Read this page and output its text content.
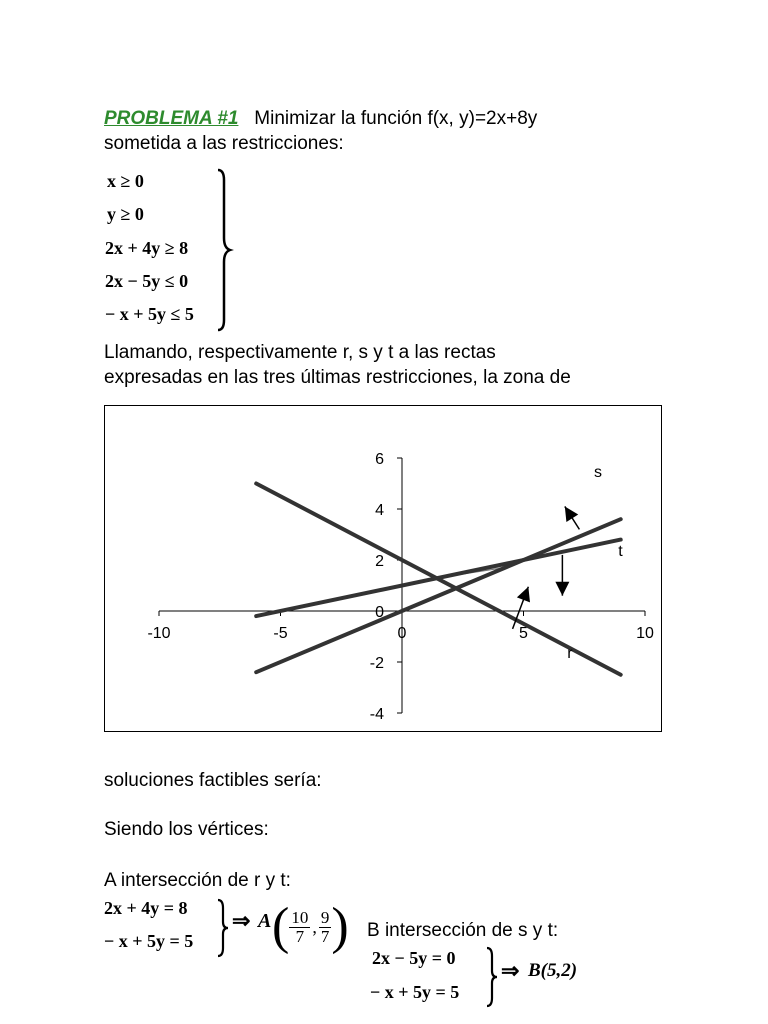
PROBLEMA #1 Minimizar la función f(x, y)=2x+8y
sometida a las restricciones:
x ≥ 0
y ≥ 0
2x + 4y ≥ 8
2x − 5y ≤ 0
− x + 5y ≤ 5
Llamando, respectivamente r, s y t a las rectas
expresadas en las tres últimas restricciones, la zona de
-10	-5	0	5	10
6
4
2
0
-2
-4
r
s
t
soluciones factibles sería:
Siendo los vértices:
A intersección de r y t:
2x + 4y = 8
− x + 5y = 5
⇒ A ( $\frac{10}{7}$ , $\frac{9}{7}$ ) B intersección de s y t:
2x − 5y = 0
− x + 5y = 5
⇒ B(5,2)
